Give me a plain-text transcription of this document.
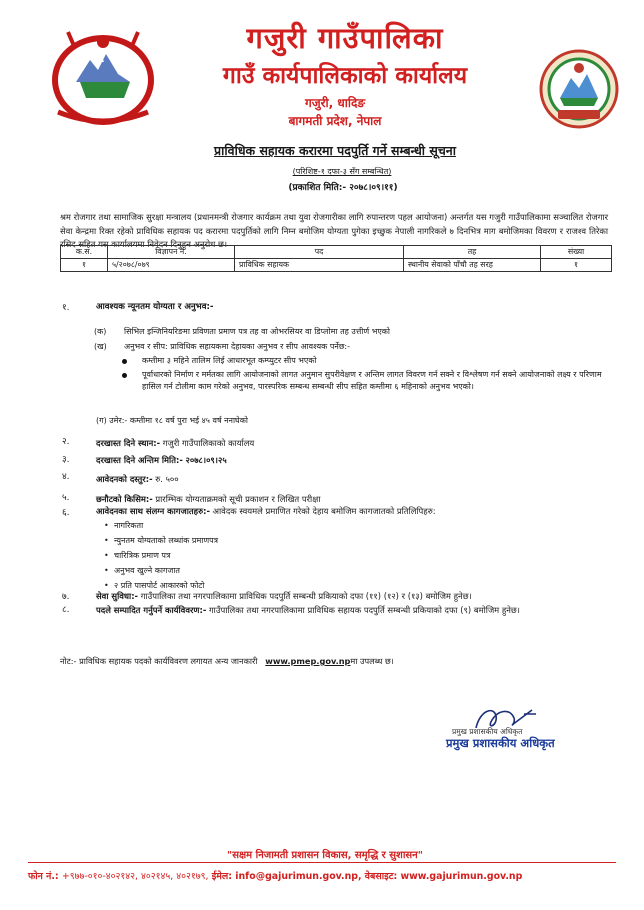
गजुरी गाउँपालिका
गाउँ कार्यपालिकाको कार्यालय
गजुरी, धादिङ
बागमती प्रदेश, नेपाल
प्राविधिक सहायक करारमा पदपुर्ति गर्ने सम्बन्धी सूचना
(परिशिष्ट-१ दफा-३ सँग सम्बन्धित)
(प्रकाशित मिति:- २०७८।०९।११)
श्रम रोजगार तथा सामाजिक सुरक्षा मन्त्रालय (प्रधानमन्त्री रोजगार कार्यक्रम तथा युवा रोजगारीका लागि रुपान्तरण पहल आयोजना) अन्तर्गत यस गजुरी गाउँपालिकामा सञ्चालित रोजगार सेवा केन्द्रमा रिक्त रहेको प्राविधिक सहायक पद करारमा पदपुर्तिको लागि निम्न बमोजिम योग्यता पुगेका इच्छुक नेपाली नागरिकले ७ दिनभित्र माग बमोजिमका विवरण र राजश्व तिरेका रसिद सहित यस कार्यालयमा निवेदन दिनुहुन अनुरोध छ।
क.स.	विज्ञापन नं.	पद	तह	संख्या
१	५/२०७८/०७९	प्राविधिक सहायक	स्थानीय सेवाको पाँचौ तह सरह	१
१.	आवश्यक न्यूनतम योग्यता र अनुभव:-
(क) सिभिल इन्जिनियरिङमा प्रविणता प्रमाण पत्र तह वा ओभरसियर वा डिप्लोमा तह उत्तीर्ण भएको
(ख) अनुभव र सीप: प्राविधिक सहायकमा देहायका अनुभव र सीप आवश्यक पर्नेछ:-
कम्तीमा ३ महिने तालिम लिई आधारभूत कम्प्युटर सीप भएको
पूर्वाधारको निर्माण र मर्मतका लागि आयोजनाको लागत अनुमान सुपरीवेक्षण र अन्तिम लागत विवरण गर्न सक्ने र विश्लेषण गर्न सक्ने आयोजनाको लक्ष्य र परिणाम हासिल गर्न टोलीमा काम गरेको अनुभव, पारस्परिक सम्बन्ध सम्बन्धी सीप सहित कम्तीमा ६ महिनाको अनुभव भएको।
(ग) उमेर:- कम्तीमा १८ वर्ष पुरा भई ४५ वर्ष ननाघेको
२.	दरखास्त दिने स्थान:- गजुरी गाउँपालिकाको कार्यालय
३.	दरखास्त दिने अन्तिम मिति:- २०७८।०९।२५
४.	आवेदनको दस्तुर:- रु. ५००
५.	छनौटको किसिम:- प्रारम्भिक योग्यताक्रमको सूची प्रकाशन र लिखित परीक्षा
६.	आवेदनका साथ संलग्न कागजातहरु:- आवेदक स्वयमले प्रमाणित गरेको देहाय बमोजिम कागजातको प्रतिलिपिहरु:
• नागरिकता
• न्युनतम योग्यताको लब्धांक प्रमाणपत्र
• चारित्रिक प्रमाण पत्र
• अनुभव खुल्ने कागजात
• २ प्रति पासपोर्ट आकारको फोटो
७.	सेवा सुविधा:- गाउँपालिका तथा नगरपालिकामा प्राविधिक पदपुर्ति सम्बन्धी प्रकियाको दफा (११) (१२) र (१३) बमोजिम हुनेछ।
८.	पदले सम्पादित गर्नुपर्ने कार्यविवरण:- गाउँपालिका तथा नगरपालिकामा प्राविधिक सहायक पदपुर्ति सम्बन्धी प्रकियाको दफा (९) बमोजिम हुनेछ।
नोट:- प्राविधिक सहायक पदको कार्यविवरण लगायत अन्य जानकारी www.pmep.gov.npमा उपलब्ध छ।
प्रमुख प्रशासकीय अधिकृत
प्रमुख प्रशासकीय अधिकृत
"सक्षम निजामती प्रशासन विकास, समृद्धि र सुशासन"
फोन नं.: +९७७-०१०-४०२१४२, ४०२१४५, ४०२१७९, ईमेल: info@gajurimun.gov.np, वेबसाइट: www.gajurimun.gov.np
